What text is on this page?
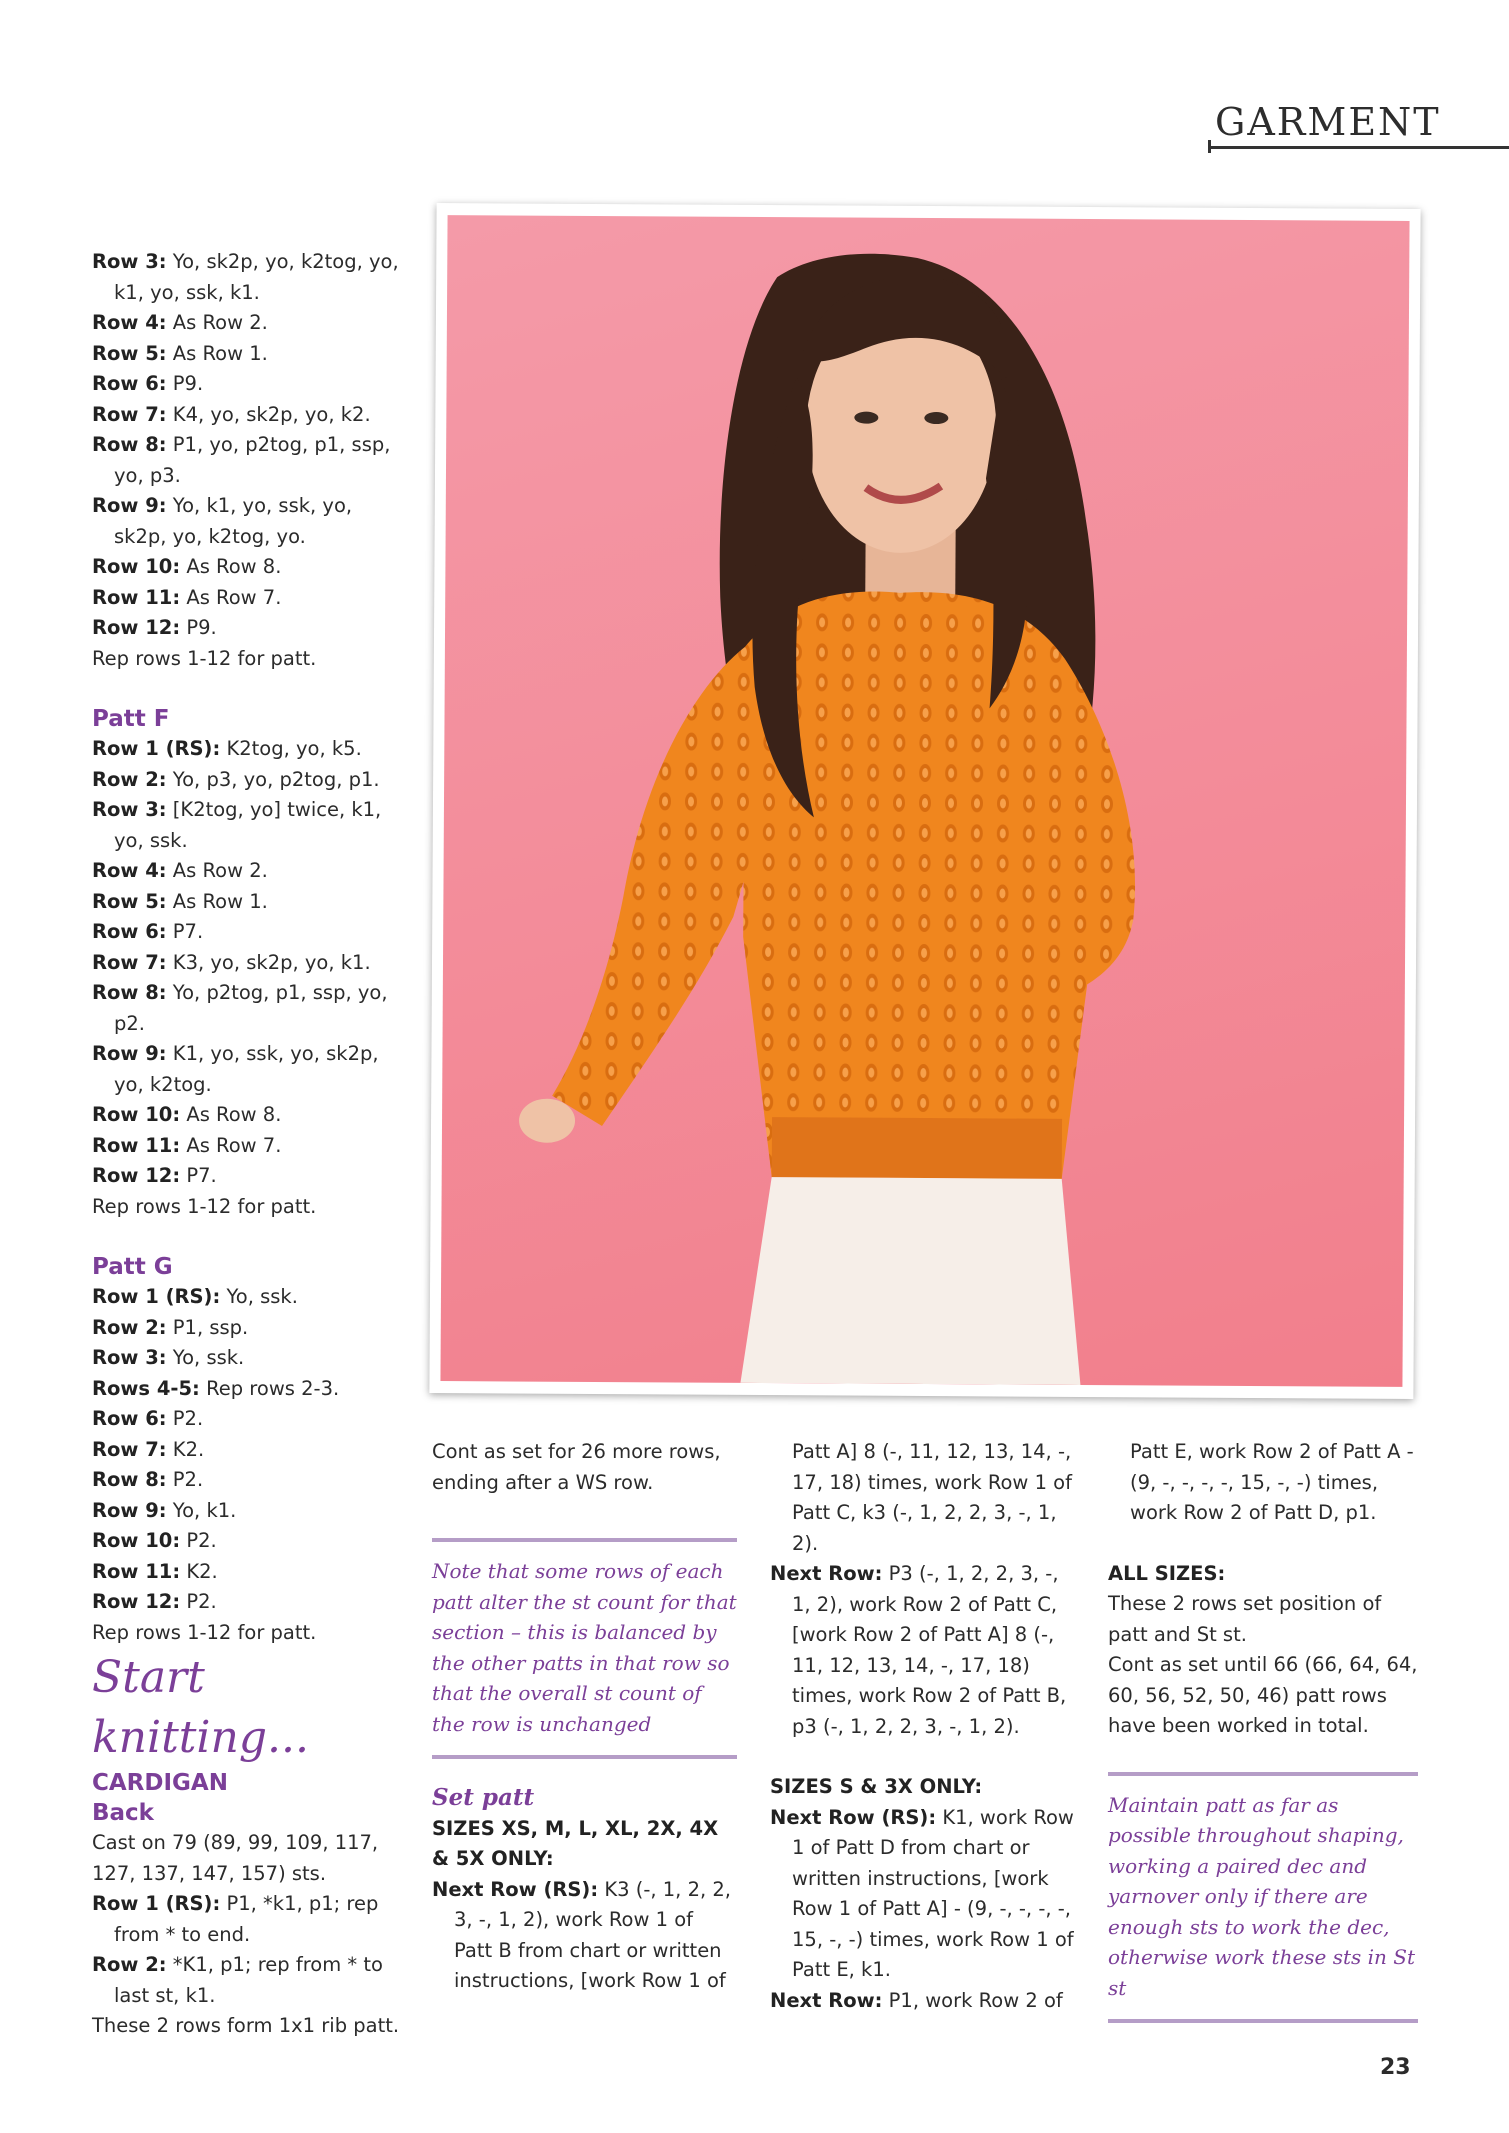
GARMENT

Row 3: Yo, sk2p, yo, k2tog, yo, k1, yo, ssk, k1.

Row 4: As Row 2.

Row 5: As Row 1.

Row 6: P9.

Row 7: K4, yo, sk2p, yo, k2.

Row 8: P1, yo, p2tog, p1, ssp, yo, p3.

Row 9: Yo, k1, yo, ssk, yo, sk2p, yo, k2tog, yo.

Row 10: As Row 8.

Row 11: As Row 7.

Row 12: P9.

Rep rows 1-12 for patt.

Patt F

Row 1 (RS): K2tog, yo, k5.

Row 2: Yo, p3, yo, p2tog, p1.

Row 3: [K2tog, yo] twice, k1, yo, ssk.

Row 4: As Row 2.

Row 5: As Row 1.

Row 6: P7.

Row 7: K3, yo, sk2p, yo, k1.

Row 8: Yo, p2tog, p1, ssp, yo, p2.

Row 9: K1, yo, ssk, yo, sk2p, yo, k2tog.

Row 10: As Row 8.

Row 11: As Row 7.

Row 12: P7.

Rep rows 1-12 for patt.

Patt G

Row 1 (RS): Yo, ssk.

Row 2: P1, ssp.

Row 3: Yo, ssk.

Rows 4-5: Rep rows 2-3.

Row 6: P2.

Row 7: K2.

Row 8: P2.

Row 9: Yo, k1.

Row 10: P2.

Row 11: K2.

Row 12: P2.

Rep rows 1-12 for patt.

Start knitting...

CARDIGAN

Back

Cast on 79 (89, 99, 109, 117, 127, 137, 147, 157) sts.

Row 1 (RS): P1, *k1, p1; rep from * to end.

Row 2: *K1, p1; rep from * to last st, k1.

These 2 rows form 1x1 rib patt.

Cont as set for 26 more rows, ending after a WS row.

Note that some rows of each patt alter the st count for that section – this is balanced by the other patts in that row so that the overall st count of the row is unchanged

Set patt

SIZES XS, M, L, XL, 2X, 4X & 5X ONLY:

Next Row (RS): K3 (-, 1, 2, 2, 3, -, 1, 2), work Row 1 of Patt B from chart or written instructions, [work Row 1 of

Patt A] 8 (-, 11, 12, 13, 14, -, 17, 18) times, work Row 1 of Patt C, k3 (-, 1, 2, 2, 3, -, 1, 2).

Next Row: P3 (-, 1, 2, 2, 3, -, 1, 2), work Row 2 of Patt C, [work Row 2 of Patt A] 8 (-, 11, 12, 13, 14, -, 17, 18) times, work Row 2 of Patt B, p3 (-, 1, 2, 2, 3, -, 1, 2).

SIZES S & 3X ONLY:

Next Row (RS): K1, work Row 1 of Patt D from chart or written instructions, [work Row 1 of Patt A] - (9, -, -, -, -, 15, -, -) times, work Row 1 of Patt E, k1.

Next Row: P1, work Row 2 of

Patt E, work Row 2 of Patt A - (9, -, -, -, -, 15, -, -) times, work Row 2 of Patt D, p1.

ALL SIZES:

These 2 rows set position of patt and St st.

Cont as set until 66 (66, 64, 64, 60, 56, 52, 50, 46) patt rows have been worked in total.

Maintain patt as far as possible throughout shaping, working a paired dec and yarnover only if there are enough sts to work the dec, otherwise work these sts in St st

23
